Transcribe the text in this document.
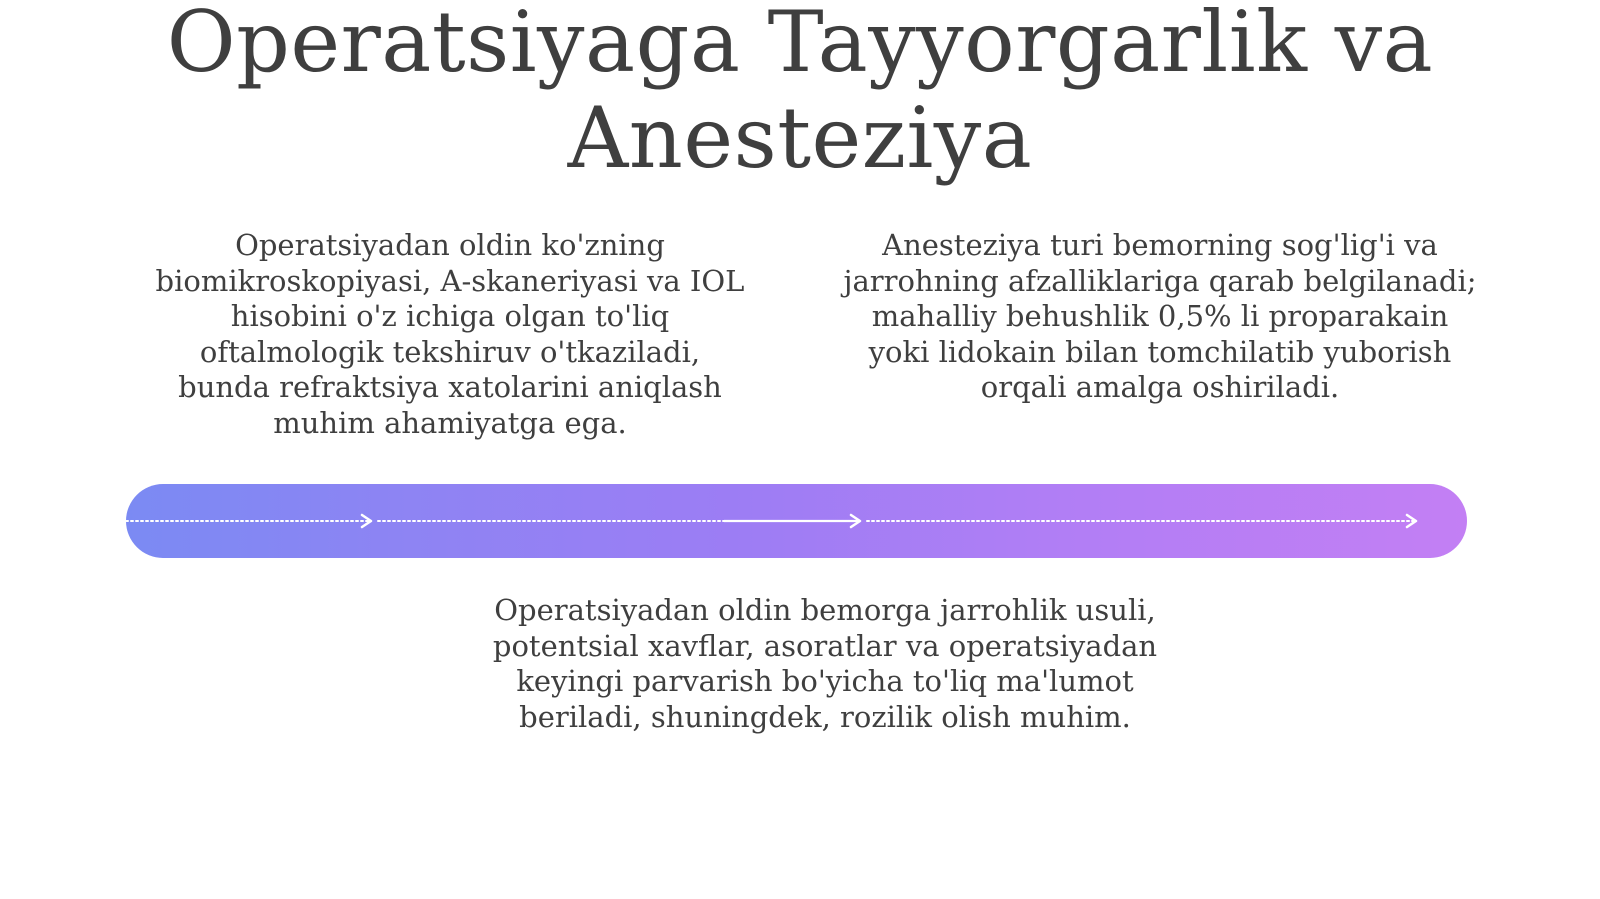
Operatsiyaga Tayyorgarlik va Anesteziya

Operatsiyadan oldin ko'zning biomikroskopiyasi, A-skaneriyasi va IOL hisobini o'z ichiga olgan to'liq oftalmologik tekshiruv o'tkaziladi, bunda refraktsiya xatolarini aniqlash muhim ahamiyatga ega.

Anesteziya turi bemorning sog'lig'i va jarrohning afzalliklariga qarab belgilanadi; mahalliy behushlik 0,5% li proparakain yoki lidokain bilan tomchilatib yuborish orqali amalga oshiriladi.

Operatsiyadan oldin bemorga jarrohlik usuli, potentsial xavflar, asoratlar va operatsiyadan keyingi parvarish bo'yicha to'liq ma'lumot beriladi, shuningdek, rozilik olish muhim.
